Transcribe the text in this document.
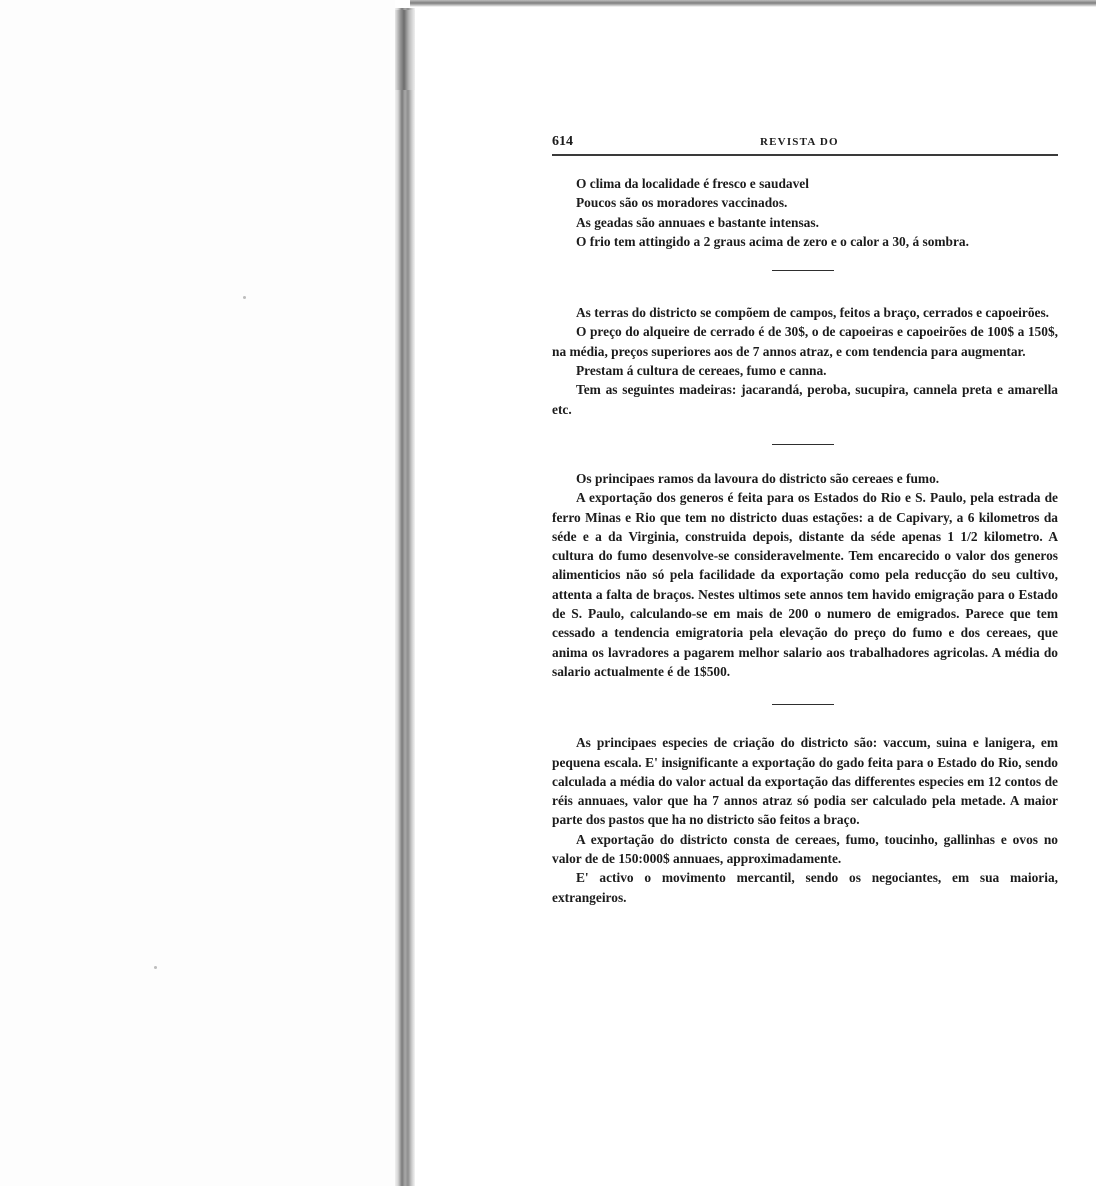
614	REVISTA DO

O clima da localidade é fresco e saudavel

Poucos são os moradores vaccinados.

As geadas são annuaes e bastante intensas.

O frio tem attingido a 2 graus acima de zero e o calor a 30, á sombra.

As terras do districto se compõem de campos, feitos a braço, cerrados e capoeirões.

O preço do alqueire de cerrado é de 30$, o de capoeiras e capoeirões de 100$ a 150$, na média, preços superiores aos de 7 annos atraz, e com tendencia para augmentar.

Prestam á cultura de cereaes, fumo e canna.

Tem as seguintes madeiras: jacarandá, peroba, sucupira, cannela preta e amarella etc.

Os principaes ramos da lavoura do districto são cereaes e fumo.

A exportação dos generos é feita para os Estados do Rio e S. Paulo, pela estrada de ferro Minas e Rio que tem no districto duas estações: a de Capivary, a 6 kilometros da séde e a da Virginia, construida depois, distante da séde apenas 1 1/2 kilometro. A cultura do fumo desenvolve-se consideravelmente. Tem encarecido o valor dos generos alimenticios não só pela facilidade da exportação como pela reducção do seu cultivo, attenta a falta de braços. Nestes ultimos sete annos tem havido emigração para o Estado de S. Paulo, calculando-se em mais de 200 o numero de emigrados. Parece que tem cessado a tendencia emigratoria pela elevação do preço do fumo e dos cereaes, que anima os lavradores a pagarem melhor salario aos trabalhadores agricolas. A média do salario actualmente é de 1$500.

As principaes especies de criação do districto são: vaccum, suina e lanigera, em pequena escala. E' insignificante a exportação do gado feita para o Estado do Rio, sendo calculada a média do valor actual da exportação das differentes especies em 12 contos de réis annuaes, valor que ha 7 annos atraz só podia ser calculado pela metade. A maior parte dos pastos que ha no districto são feitos a braço.

A exportação do districto consta de cereaes, fumo, toucinho, gallinhas e ovos no valor de de 150:000$ annuaes, approximadamente.

E' activo o movimento mercantil, sendo os negociantes, em sua maioria, extrangeiros.
